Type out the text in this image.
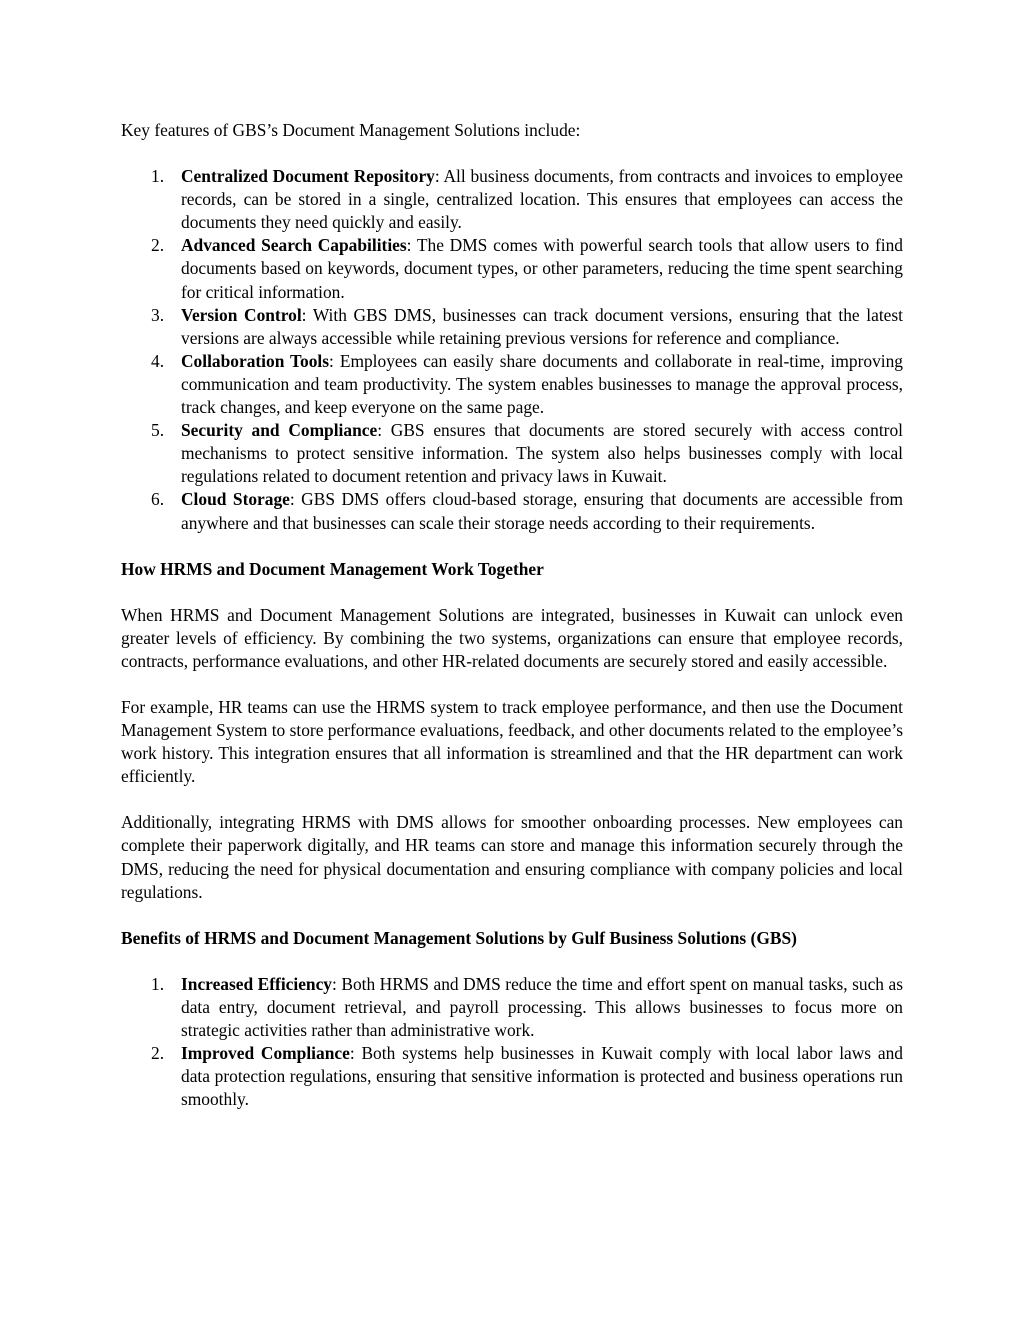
Key features of GBS’s Document Management Solutions include:

1. Centralized Document Repository: All business documents, from contracts and invoices to employee records, can be stored in a single, centralized location. This ensures that employees can access the documents they need quickly and easily.
2. Advanced Search Capabilities: The DMS comes with powerful search tools that allow users to find documents based on keywords, document types, or other parameters, reducing the time spent searching for critical information.
3. Version Control: With GBS DMS, businesses can track document versions, ensuring that the latest versions are always accessible while retaining previous versions for reference and compliance.
4. Collaboration Tools: Employees can easily share documents and collaborate in real-time, improving communication and team productivity. The system enables businesses to manage the approval process, track changes, and keep everyone on the same page.
5. Security and Compliance: GBS ensures that documents are stored securely with access control mechanisms to protect sensitive information. The system also helps businesses comply with local regulations related to document retention and privacy laws in Kuwait.
6. Cloud Storage: GBS DMS offers cloud-based storage, ensuring that documents are accessible from anywhere and that businesses can scale their storage needs according to their requirements.

How HRMS and Document Management Work Together

When HRMS and Document Management Solutions are integrated, businesses in Kuwait can unlock even greater levels of efficiency. By combining the two systems, organizations can ensure that employee records, contracts, performance evaluations, and other HR-related documents are securely stored and easily accessible.

For example, HR teams can use the HRMS system to track employee performance, and then use the Document Management System to store performance evaluations, feedback, and other documents related to the employee’s work history. This integration ensures that all information is streamlined and that the HR department can work efficiently.

Additionally, integrating HRMS with DMS allows for smoother onboarding processes. New employees can complete their paperwork digitally, and HR teams can store and manage this information securely through the DMS, reducing the need for physical documentation and ensuring compliance with company policies and local regulations.

Benefits of HRMS and Document Management Solutions by Gulf Business Solutions (GBS)

1. Increased Efficiency: Both HRMS and DMS reduce the time and effort spent on manual tasks, such as data entry, document retrieval, and payroll processing. This allows businesses to focus more on strategic activities rather than administrative work.
2. Improved Compliance: Both systems help businesses in Kuwait comply with local labor laws and data protection regulations, ensuring that sensitive information is protected and business operations run smoothly.
